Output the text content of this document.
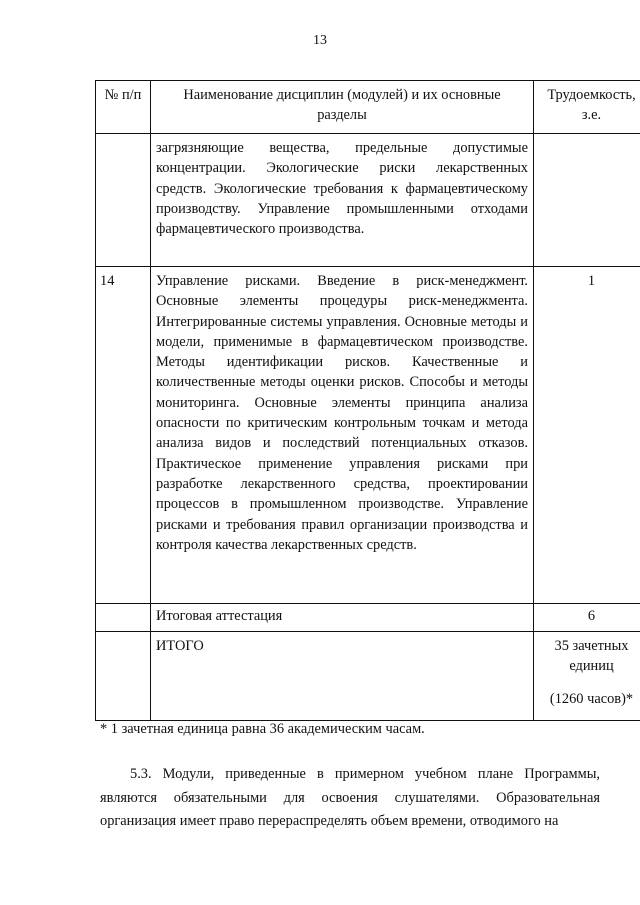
13
№ п/п	Наименование дисциплин (модулей) и их основные разделы	Трудоемкость, з.е.
	загрязняющие вещества, предельные допустимые концентрации. Экологические риски лекарственных средств. Экологические требования к фармацевтическому производству. Управление промышленными отходами фармацевтического производства.	
14	Управление рисками. Введение в риск-менеджмент. Основные элементы процедуры риск-менеджмента. Интегрированные системы управления. Основные методы и модели, применимые в фармацевтическом производстве. Методы идентификации рисков. Качественные и количественные методы оценки рисков. Способы и методы мониторинга. Основные элементы принципа анализа опасности по критическим контрольным точкам и метода анализа видов и последствий потенциальных отказов. Практическое применение управления рисками при разработке лекарственного средства, проектировании процессов в промышленном производстве. Управление рисками и требования правил организации производства и контроля качества лекарственных средств.	1
	Итоговая аттестация	6
	ИТОГО	35 зачетных
единиц
(1260 часов)*
* 1 зачетная единица равна 36 академическим часам.
5.3. Модули, приведенные в примерном учебном плане Программы, являются обязательными для освоения слушателями. Образовательная организация имеет право перераспределять объем времени, отводимого на
